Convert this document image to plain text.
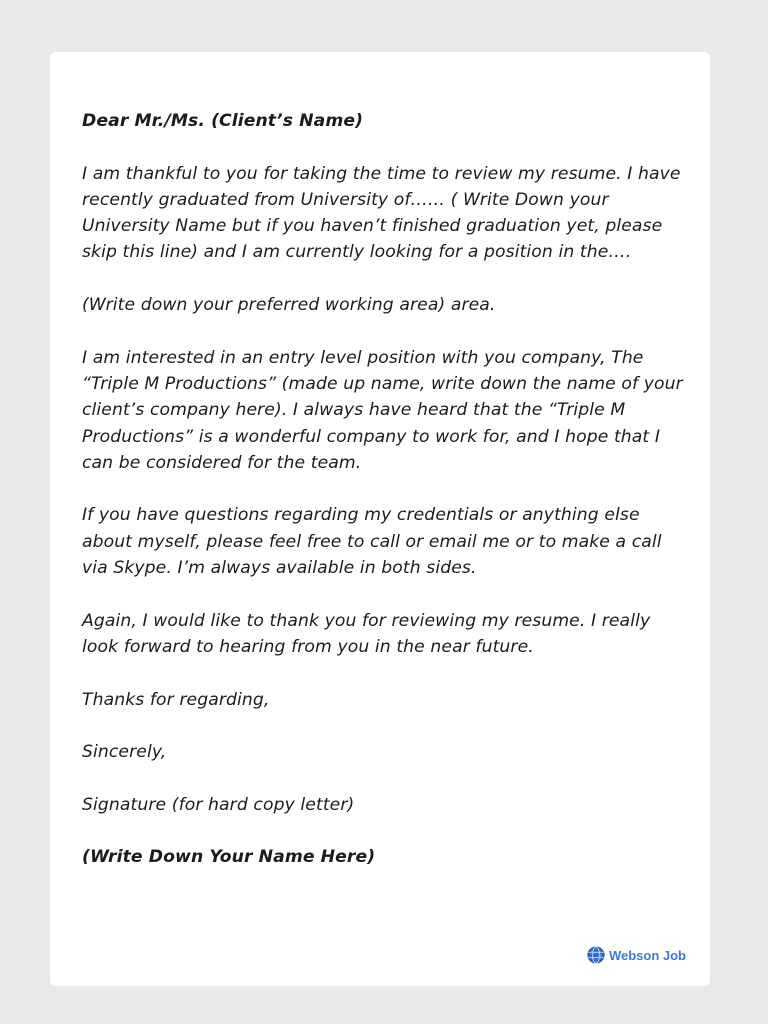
Dear Mr./Ms. (Client’s Name)

I am thankful to you for taking the time to review my resume. I have recently graduated from University of…… ( Write Down your University Name but if you haven’t finished graduation yet, please skip this line) and I am currently looking for a position in the….

(Write down your preferred working area) area.

I am interested in an entry level position with you company, The “Triple M Productions” (made up name, write down the name of your client’s company here). I always have heard that the “Triple M Productions” is a wonderful company to work for, and I hope that I can be considered for the team.

If you have questions regarding my credentials or anything else about myself, please feel free to call or email me or to make a call via Skype. I’m always available in both sides.

Again, I would like to thank you for reviewing my resume. I really look forward to hearing from you in the near future.

Thanks for regarding,

Sincerely,

Signature (for hard copy letter)

(Write Down Your Name Here)

Webson Job
